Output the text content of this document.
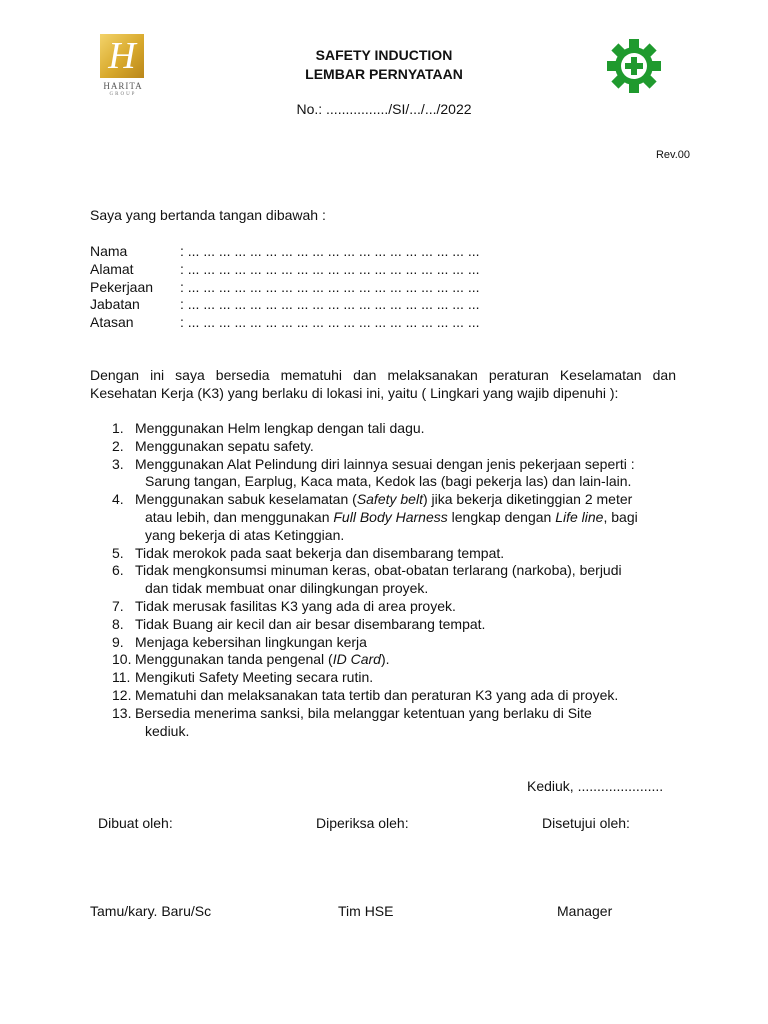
H
HARITA
GROUP
SAFETY INDUCTION
LEMBAR PERNYATAAN
No.: ................/SI/.../.../2022
Rev.00
Saya yang bertanda tangan dibawah :
Nama	: ... ... ... ... ... ... ... ... ... ... ... ... ... ... ... ... ... ... ...
Alamat	: ... ... ... ... ... ... ... ... ... ... ... ... ... ... ... ... ... ... ...
Pekerjaan	: ... ... ... ... ... ... ... ... ... ... ... ... ... ... ... ... ... ... ...
Jabatan	: ... ... ... ... ... ... ... ... ... ... ... ... ... ... ... ... ... ... ...
Atasan	: ... ... ... ... ... ... ... ... ... ... ... ... ... ... ... ... ... ... ...
Dengan ini saya bersedia mematuhi dan melaksanakan peraturan Keselamatan dan Kesehatan Kerja (K3) yang berlaku di lokasi ini, yaitu ( Lingkari yang wajib dipenuhi ):
1. Menggunakan Helm lengkap dengan tali dagu.
2. Menggunakan sepatu safety.
3. Menggunakan Alat Pelindung diri lainnya sesuai dengan jenis pekerjaan seperti :
Sarung tangan, Earplug, Kaca mata, Kedok las (bagi pekerja las) dan lain-lain.
4. Menggunakan sabuk keselamatan (Safety belt) jika bekerja diketinggian 2 meter
atau lebih, dan menggunakan Full Body Harness lengkap dengan Life line, bagi
yang bekerja di atas Ketinggian.
5. Tidak merokok pada saat bekerja dan disembarang tempat.
6. Tidak mengkonsumsi minuman keras, obat-obatan terlarang (narkoba), berjudi
dan tidak membuat onar dilingkungan proyek.
7. Tidak merusak fasilitas K3 yang ada di area proyek.
8. Tidak Buang air kecil dan air besar disembarang tempat.
9. Menjaga kebersihan lingkungan kerja
10. Menggunakan tanda pengenal (ID Card).
11. Mengikuti Safety Meeting secara rutin.
12. Mematuhi dan melaksanakan tata tertib dan peraturan K3 yang ada di proyek.
13. Bersedia menerima sanksi, bila melanggar ketentuan yang berlaku di Site
kediuk.
Kediuk, ......................
Dibuat oleh:	Diperiksa oleh:	Disetujui oleh:
Tamu/kary. Baru/Sc	Tim HSE	Manager
